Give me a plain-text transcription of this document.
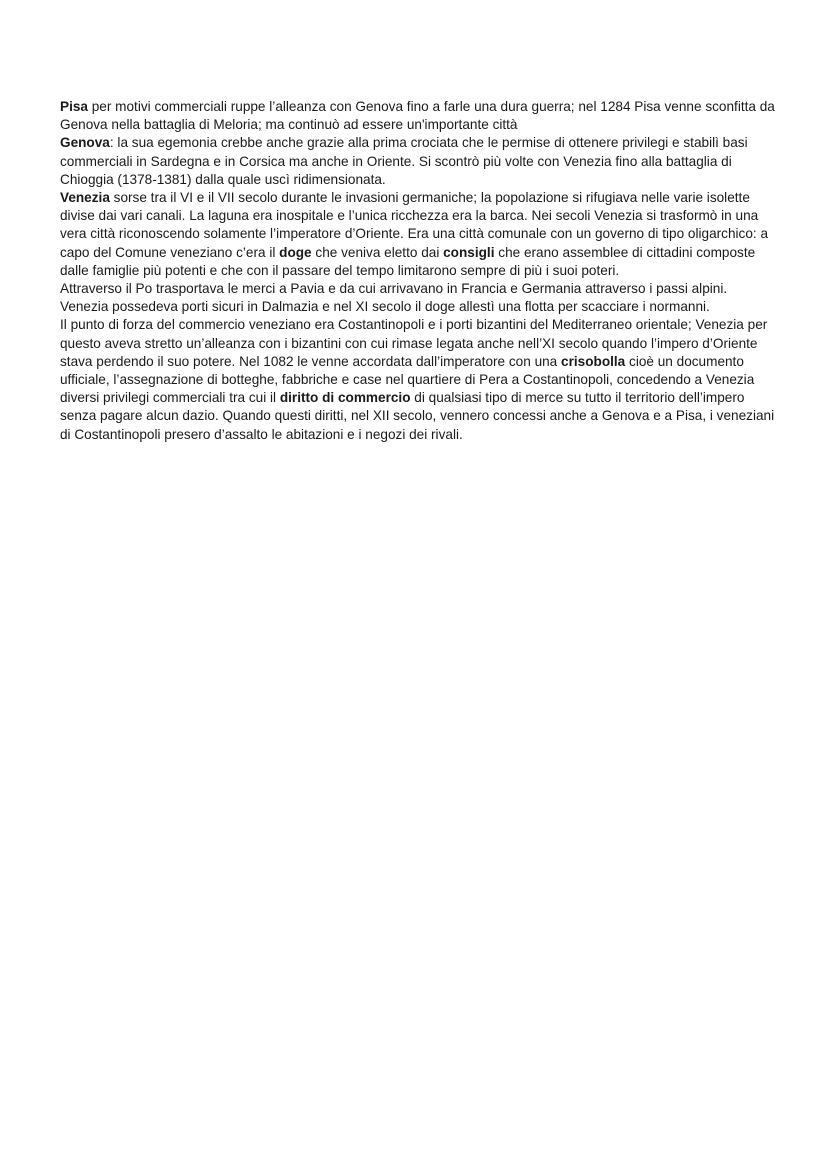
Pisa per motivi commerciali ruppe l’alleanza con Genova fino a farle una dura guerra; nel 1284 Pisa venne sconfitta da Genova nella battaglia di Meloria; ma continuò ad essere un'importante città

Genova: la sua egemonia crebbe anche grazie alla prima crociata che le permise di ottenere privilegi e stabilì basi commerciali in Sardegna e in Corsica ma anche in Oriente. Si scontrò più volte con Venezia fino alla battaglia di Chioggia (1378-1381) dalla quale uscì ridimensionata.

Venezia sorse tra il VI e il VII secolo durante le invasioni germaniche; la popolazione si rifugiava nelle varie isolette divise dai vari canali. La laguna era inospitale e l’unica ricchezza era la barca. Nei secoli Venezia si trasformò in una vera città riconoscendo solamente l’imperatore d’Oriente. Era una città comunale con un governo di tipo oligarchico: a capo del Comune veneziano c’era il doge che veniva eletto dai consigli che erano assemblee di cittadini composte dalle famiglie più potenti e che con il passare del tempo limitarono sempre di più i suoi poteri.

Attraverso il Po trasportava le merci a Pavia e da cui arrivavano in Francia e Germania attraverso i passi alpini.

Venezia possedeva porti sicuri in Dalmazia e nel XI secolo il doge allestì una flotta per scacciare i normanni.

Il punto di forza del commercio veneziano era Costantinopoli e i porti bizantini del Mediterraneo orientale; Venezia per questo aveva stretto un’alleanza con i bizantini con cui rimase legata anche nell’XI secolo quando l’impero d’Oriente stava perdendo il suo potere. Nel 1082 le venne accordata dall’imperatore con una crisobolla cioè un documento ufficiale, l’assegnazione di botteghe, fabbriche e case nel quartiere di Pera a Costantinopoli, concedendo a Venezia diversi privilegi commerciali tra cui il diritto di commercio di qualsiasi tipo di merce su tutto il territorio dell’impero senza pagare alcun dazio. Quando questi diritti, nel XII secolo, vennero concessi anche a Genova e a Pisa, i veneziani di Costantinopoli presero d’assalto le abitazioni e i negozi dei rivali.
